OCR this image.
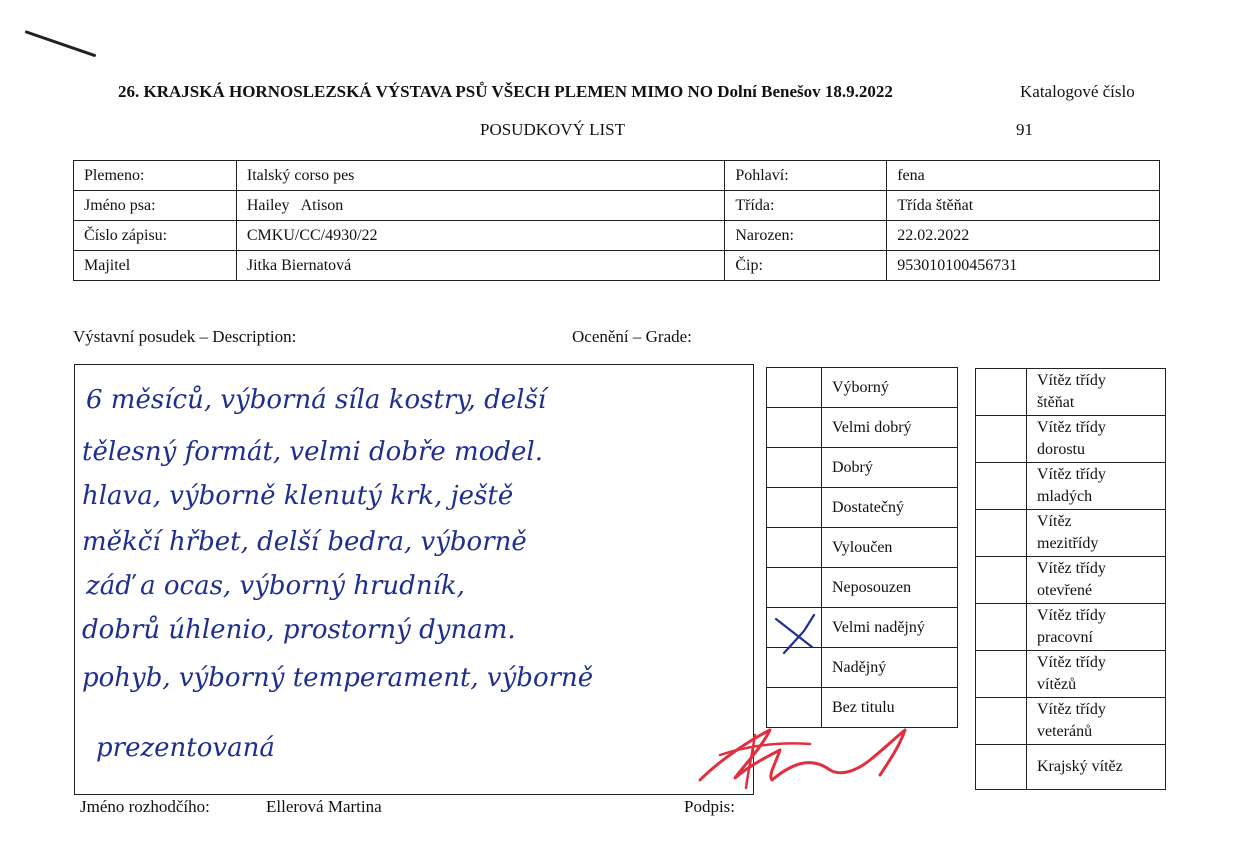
26. KRAJSKÁ HORNOSLEZSKÁ VÝSTAVA PSŮ VŠECH PLEMEN MIMO NO Dolní Benešov 18.9.2022	Katalogové číslo
POSUDKOVÝ LIST	91
Plemeno:	Italský corso pes	Pohlaví:	fena
Jméno psa:	Hailey   Atison	Třída:	Třída štěňat
Číslo zápisu:	CMKU/CC/4930/22	Narozen:	22.02.2022
Majitel	Jitka Biernatová	Čip:	953010100456731
Výstavní posudek – Description:	Ocenění – Grade:
6 měsíců, výborná síla kostry, delší
tělesný formát, velmi dobře model.
hlava, výborně klenutý krk, ještě
měkčí hřbet, delší bedra, výborně
záď a ocas, výborný hrudník,
dobrů úhlenio, prostorný dynam.
pohyb, výborný temperament, výborně
prezentovaná
	Výborný
	Velmi dobrý
	Dobrý
	Dostatečný
	Vyloučen
	Neposouzen
	Velmi nadějný
	Nadějný
	Bez titulu
	Vítěz třídy
štěňat
	Vítěz třídy
dorostu
	Vítěz třídy
mladých
	Vítěz
mezitřídy
	Vítěz třídy
otevřené
	Vítěz třídy
pracovní
	Vítěz třídy
vítězů
	Vítěz třídy
veteránů
	Krajský vítěz
Jméno rozhodčího:	Ellerová Martina	Podpis:
